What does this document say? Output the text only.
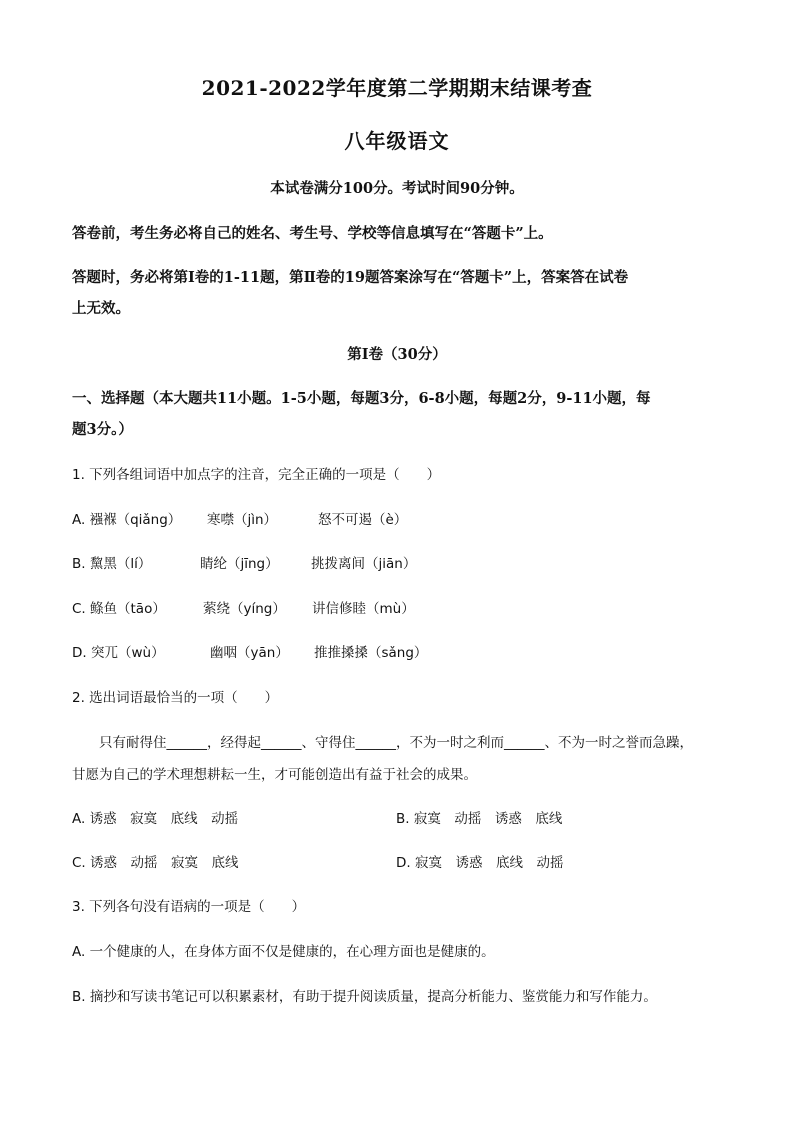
2021-2022学年度第二学期期末结课考查
八年级语文
本试卷满分100分。考试时间90分钟。
答卷前，考生务必将自己的姓名、考生号、学校等信息填写在“答题卡”上。
答题时，务必将第Ⅰ卷的1-11题，第Ⅱ卷的19题答案涂写在“答题卡”上，答案答在试卷
上无效。
第Ⅰ卷（30分）
一、选择题（本大题共11小题。1-5小题，每题3分，6-8小题，每题2分，9-11小题，每
题3分。）
1. 下列各组词语中加点字的注音，完全正确的一项是（　　）
A. 襁褓（qiǎng） 寒噤（jìn）	怒不可遏（è）
B. 黧黑（lí）	睛纶（jīng） 挑拨离间（jiān）
C. 鲦鱼（tāo）	萦绕（yíng） 讲信修睦（mù）
D. 突兀（wù）	幽咽（yān） 推推搡搡（sǎng）
2. 选出词语最恰当的一项（　　）
只有耐得住______，经得起______、守得住______，不为一时之利而______、不为一时之誉而急躁，
甘愿为自己的学术理想耕耘一生，才可能创造出有益于社会的成果。
A. 诱惑　寂寞　底线　动摇	B. 寂寞　动摇　诱惑　底线
C. 诱惑　动摇　寂寞　底线	D. 寂寞　诱惑　底线　动摇
3. 下列各句没有语病的一项是（　　）
A. 一个健康的人，在身体方面不仅是健康的，在心理方面也是健康的。
B. 摘抄和写读书笔记可以积累素材，有助于提升阅读质量，提高分析能力、鉴赏能力和写作能力。
